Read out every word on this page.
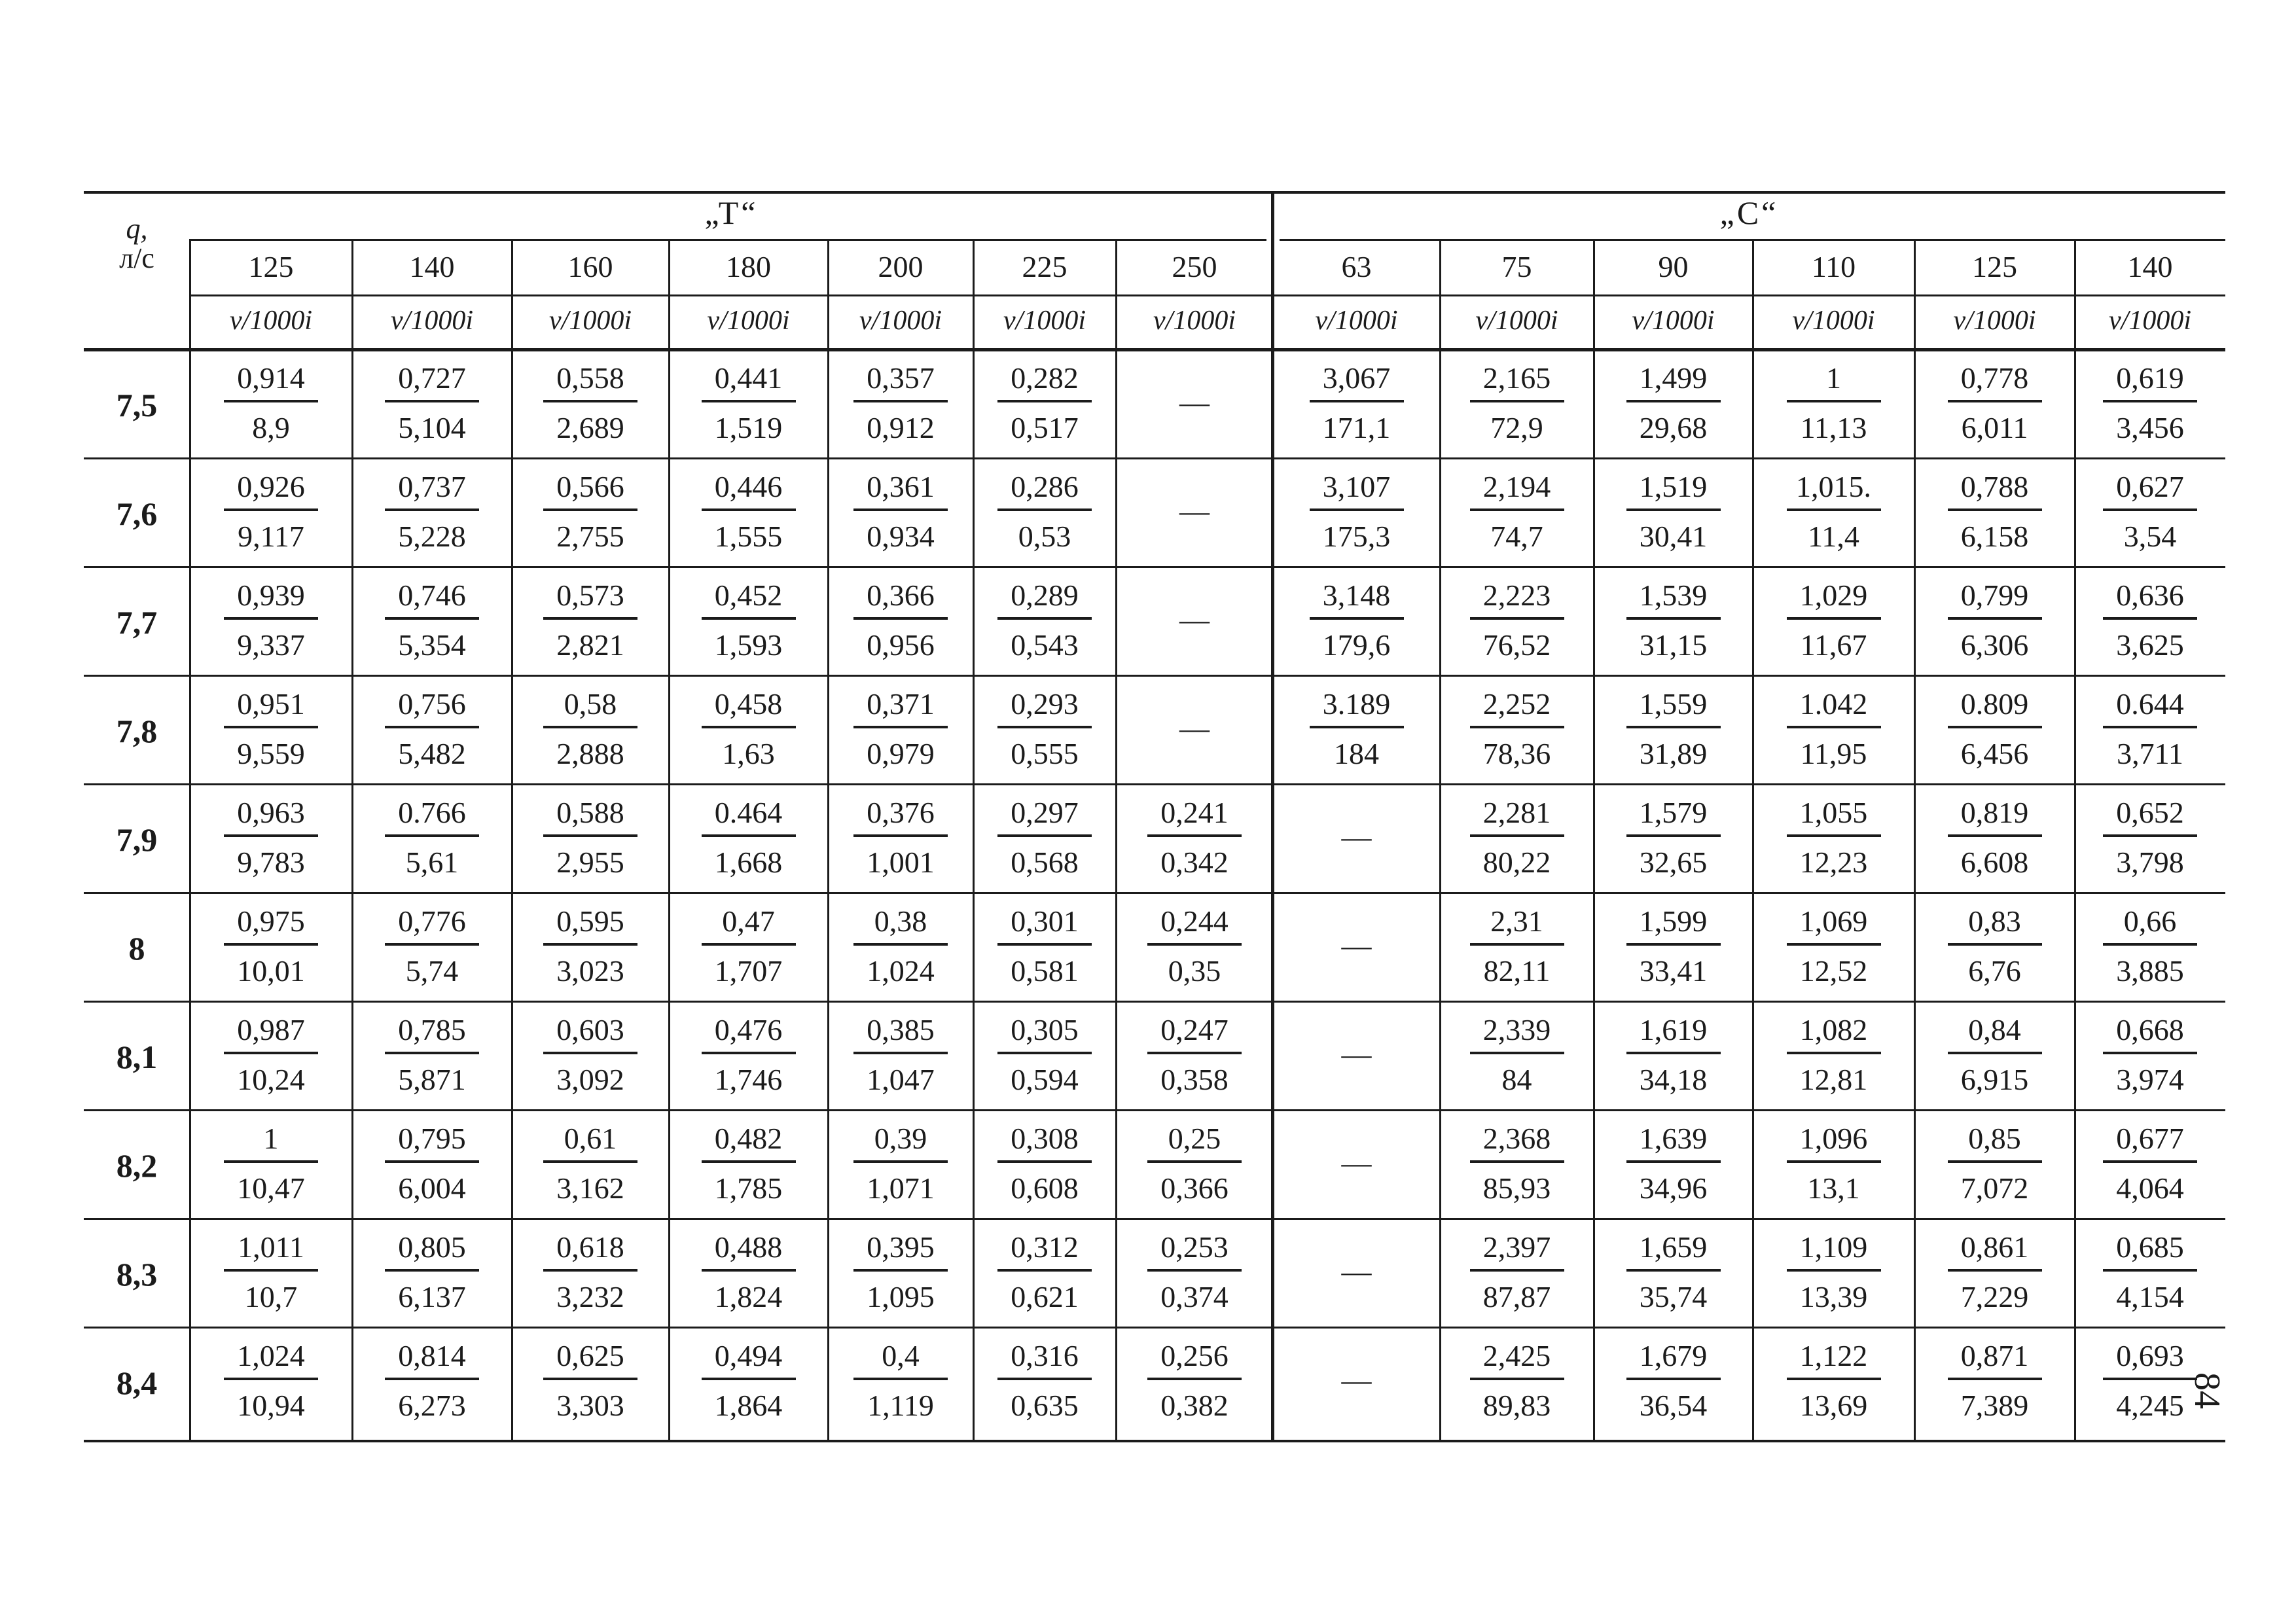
q,
л/с
„Т“	„С“
125
v/1000i
140
v/1000i
160
v/1000i
180
v/1000i
200
v/1000i
225
v/1000i
250
v/1000i
63
v/1000i
75
v/1000i
90
v/1000i
110
v/1000i
125
v/1000i
140
v/1000i
7,5
0,914
8,9
0,727
5,104
0,558
2,689
0,441
1,519
0,357
0,912
0,282
0,517
—
3,067
171,1
2,165
72,9
1,499
29,68
1
11,13
0,778
6,011
0,619
3,456
7,6
0,926
9,117
0,737
5,228
0,566
2,755
0,446
1,555
0,361
0,934
0,286
0,53
—
3,107
175,3
2,194
74,7
1,519
30,41
1,015.
11,4
0,788
6,158
0,627
3,54
7,7
0,939
9,337
0,746
5,354
0,573
2,821
0,452
1,593
0,366
0,956
0,289
0,543
—
3,148
179,6
2,223
76,52
1,539
31,15
1,029
11,67
0,799
6,306
0,636
3,625
7,8
0,951
9,559
0,756
5,482
0,58
2,888
0,458
1,63
0,371
0,979
0,293
0,555
—
3.189
184
2,252
78,36
1,559
31,89
1.042
11,95
0.809
6,456
0.644
3,711
7,9
0,963
9,783
0.766
5,61
0,588
2,955
0.464
1,668
0,376
1,001
0,297
0,568
0,241
0,342
—
2,281
80,22
1,579
32,65
1,055
12,23
0,819
6,608
0,652
3,798
8
0,975
10,01
0,776
5,74
0,595
3,023
0,47
1,707
0,38
1,024
0,301
0,581
0,244
0,35
—
2,31
82,11
1,599
33,41
1,069
12,52
0,83
6,76
0,66
3,885
8,1
0,987
10,24
0,785
5,871
0,603
3,092
0,476
1,746
0,385
1,047
0,305
0,594
0,247
0,358
—
2,339
84
1,619
34,18
1,082
12,81
0,84
6,915
0,668
3,974
8,2
1
10,47
0,795
6,004
0,61
3,162
0,482
1,785
0,39
1,071
0,308
0,608
0,25
0,366
—
2,368
85,93
1,639
34,96
1,096
13,1
0,85
7,072
0,677
4,064
8,3
1,011
10,7
0,805
6,137
0,618
3,232
0,488
1,824
0,395
1,095
0,312
0,621
0,253
0,374
—
2,397
87,87
1,659
35,74
1,109
13,39
0,861
7,229
0,685
4,154
8,4
1,024
10,94
0,814
6,273
0,625
3,303
0,494
1,864
0,4
1,119
0,316
0,635
0,256
0,382
—
2,425
89,83
1,679
36,54
1,122
13,69
0,871
7,389
0,693
4,245 84
